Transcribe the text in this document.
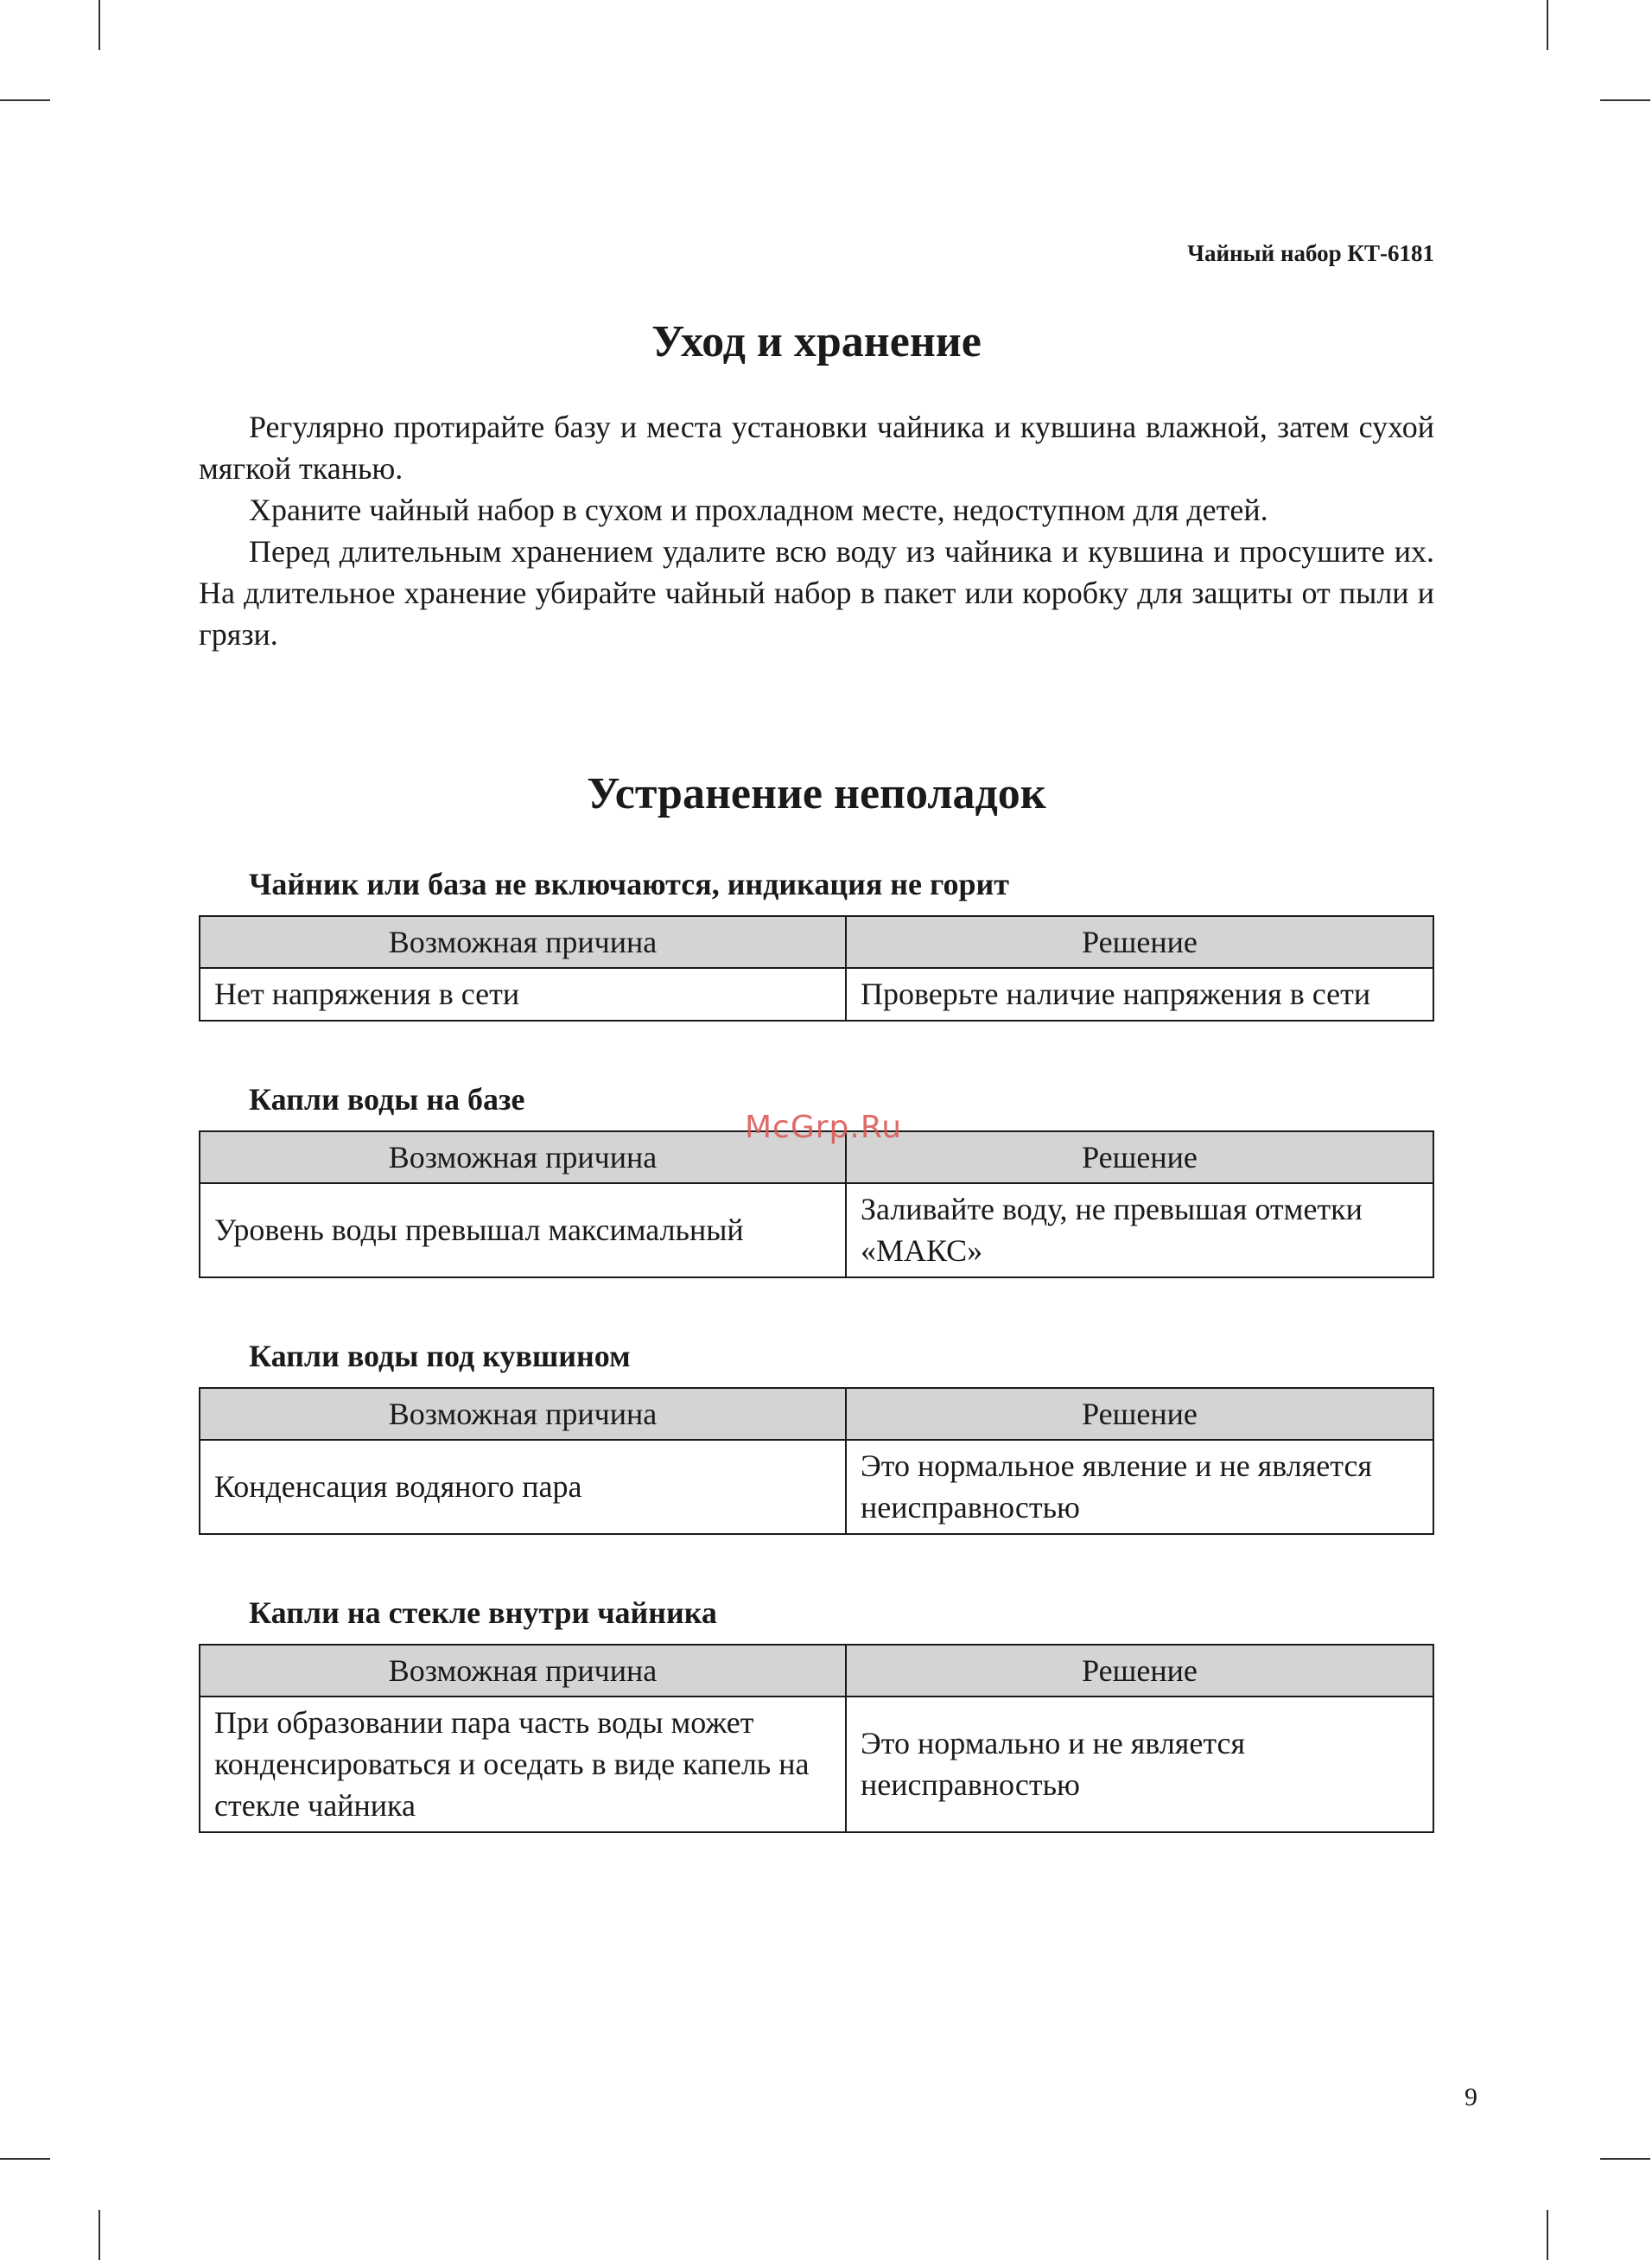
Чайный набор КТ-6181
Уход и хранение

Регулярно протирайте базу и места установки чайника и кувшина влажной, затем сухой мягкой тканью.

Храните чайный набор в сухом и прохладном месте, недоступном для детей.

Перед длительным хранением удалите всю воду из чайника и кувшина и просушите их. На длительное хранение убирайте чайный набор в пакет или коробку для защиты от пыли и грязи.

Устранение неполадок
Чайник или база не включаются, индикация не горит
Возможная причина	Решение
Нет напряжения в сети	Проверьте наличие напряжения в сети
Капли воды на базе
Возможная причина	Решение
Уровень воды превышал максимальный	Заливайте воду, не превышая отметки «МАКС»
Капли воды под кувшином
Возможная причина	Решение
Конденсация водяного пара	Это нормальное явление и не является неисправностью
Капли на стекле внутри чайника
Возможная причина	Решение
При образовании пара часть воды может конденсироваться и оседать в виде капель на стекле чайника	Это нормально и не является неисправностью
McGrp.Ru
9
